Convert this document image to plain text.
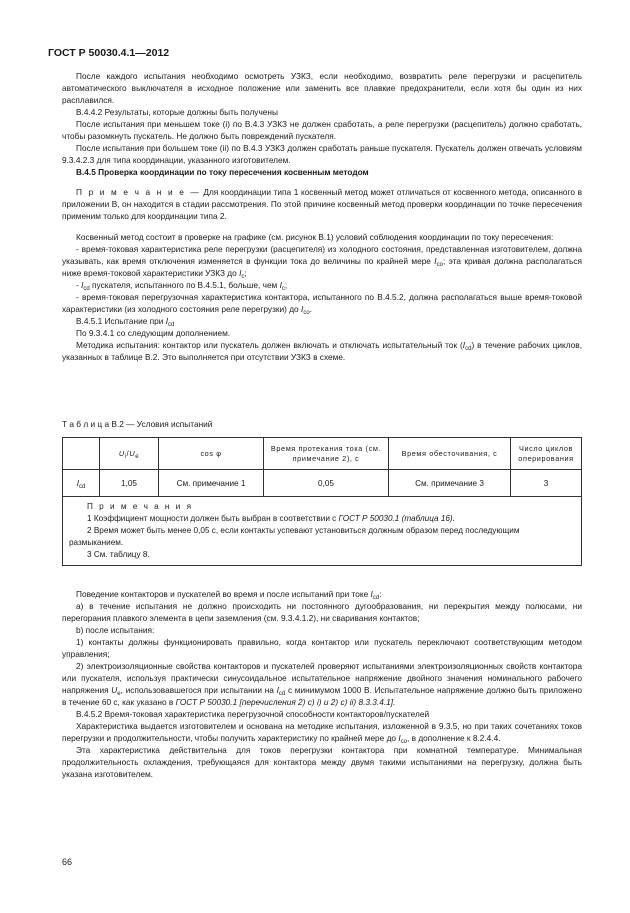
ГОСТ Р 50030.4.1—2012

После каждого испытания необходимо осмотреть УЗКЗ, если необходимо, возвратить реле перегрузки и расцепитель автоматического выключателя в исходное положение или заменить все плавкие предохранители, если хотя бы один из них расплавился.

В.4.4.2 Результаты, которые должны быть получены

После испытания при меньшем токе (i) по В.4.3 УЗКЗ не должен сработать, а реле перегрузки (расцепитель) должно сработать, чтобы разомкнуть пускатель. Не должно быть повреждений пускателя.

После испытания при большем токе (ii) по В.4.3 УЗКЗ должен сработать раньше пускателя. Пускатель должен отвечать условиям 9.3.4.2.3 для типа координации, указанного изготовителем.

В.4.5 Проверка координации по току пересечения косвенным методом

П р и м е ч а н и е — Для координации типа 1 косвенный метод может отличаться от косвенного метода, описанного в приложении В, он находится в стадии рассмотрения. По этой причине косвенный метод проверки координации по точке пересечения применим только для координации типа 2.

Косвенный метод состоит в проверке на графике (см. рисунок В.1) условий соблюдения координации по току пересечения:

- время-токовая характеристика реле перегрузки (расцепителя) из холодного состояния, представленная изготовителем, должна указывать, как время отключения изменяется в функции тока до величины по крайней мере $I_{co}$; эта кривая должна располагаться ниже время-токовой характеристики УЗКЗ до $I_с$;

- $I_{cd}$ пускателя, испытанного по В.4.5.1, больше, чем $I_с$;

- время-токовая перегрузочная характеристика контактора, испытанного по В.4.5.2, должна располагаться выше время-токовой характеристики (из холодного состояния реле перегрузки) до $I_{co}$.

В.4.5.1 Испытание при $I_{cd}$

По 9.3.4.1 со следующим дополнением.

Методика испытания: контактор или пускатель должен включать и отключать испытательный ток $(I_{cd})$ в течение рабочих циклов, указанных в таблице В.2. Это выполняется при отсутствии УЗКЗ в схеме.

Т а б л и ц а В.2 — Условия испытаний
	$U_i/U_e$	cos φ	Время протекания тока (см. примечание 2), с	Время обесточивания, с	Число циклов оперирования
$I_{cd}$	1,05	См. примечание 1	0,05	См. примечание 3	3

П р и м е ч а н и я
1 Коэффициент мощности должен быть выбран в соответствии с ГОСТ Р 50030.1 (таблица 16).
2 Время может быть менее 0,05 с, если контакты успевают установиться должным образом перед последующим размыканием.
3 См. таблицу 8.					

Поведение контакторов и пускателей во время и после испытаний при токе $I_{cd}$:

а) в течение испытания не должно происходить ни постоянного дугообразования, ни перекрытия между полюсами, ни перегорания плавкого элемента в цепи заземления (см. 9.3.4.1.2), ни сваривания контактов;

b) после испытания:

1) контакты должны функционировать правильно, когда контактор или пускатель переключают соответствующим методом управления;

2) электроизоляционные свойства контакторов и пускателей проверяют испытаниями электроизоляционных свойств контактора или пускателя, используя практически синусоидальное испытательное напряжение двойного значения номинального рабочего напряжения $U_e$, использовавшегося при испытании на $I_{cd}$ с минимумом 1000 В. Испытательное напряжение должно быть приложено в течение 60 с, как указано в ГОСТ Р 50030.1 [перечисления 2) с) i) и 2) с) ii) 8.3.3.4.1].

В.4.5.2 Время-токовая характеристика перегрузочной способности контакторов/пускателей

Характеристика выдается изготовителем и основана на методике испытания, изложенной в 9.3.5, но при таких сочетаниях токов перегрузки и продолжительности, чтобы получить характеристику по крайней мере до $I_{co}$, в дополнение к 8.2.4.4.

Эта характеристика действительна для токов перегрузки контактора при комнатной температуре. Минимальная продолжительность охлаждения, требующаяся для контактора между двумя такими испытаниями на перегрузку, должна быть указана изготовителем.

66
